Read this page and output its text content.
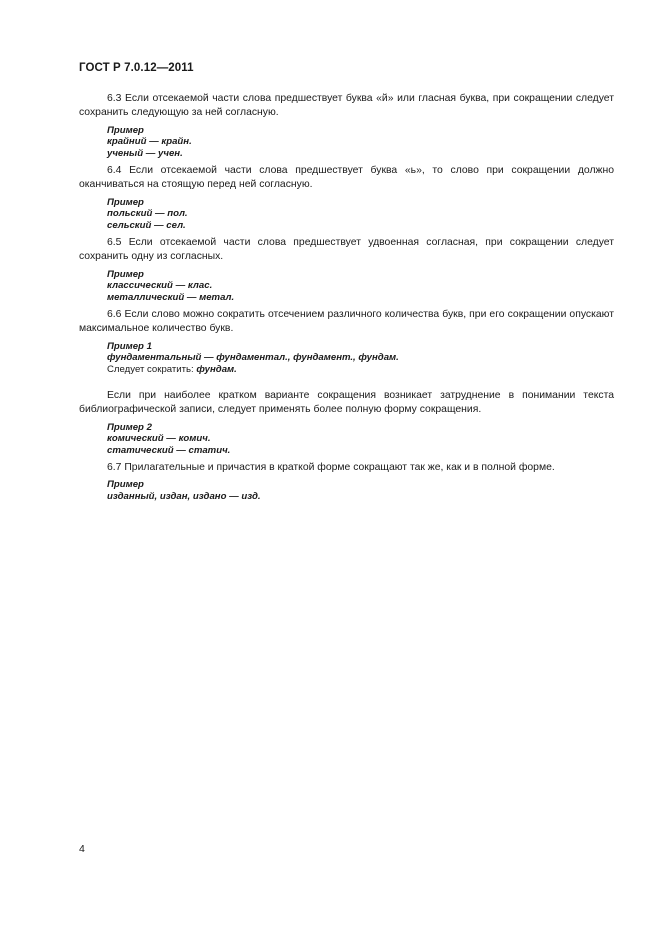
ГОСТ Р 7.0.12—2011

6.3 Если отсекаемой части слова предшествует буква «й» или гласная буква, при сокращении следует сохранить следующую за ней согласную.

Пример
крайний — крайн.
ученый — учен.

6.4 Если отсекаемой части слова предшествует буква «ь», то слово при сокращении должно оканчиваться на стоящую перед ней согласную.

Пример
польский — пол.
сельский — сел.

6.5 Если отсекаемой части слова предшествует удвоенная согласная, при сокращении следует сохранить одну из согласных.

Пример
классический — клас.
металлический — метал.

6.6 Если слово можно сократить отсечением различного количества букв, при его сокращении опускают максимальное количество букв.

Пример 1
фундаментальный — фундаментал., фундамент., фундам.
Следует сократить: фундам.

Если при наиболее кратком варианте сокращения возникает затруднение в понимании текста библиографической записи, следует применять более полную форму сокращения.

Пример 2
комический — комич.
статический — статич.

6.7 Прилагательные и причастия в краткой форме сокращают так же, как и в полной форме.

Пример
изданный, издан, издано — изд.
4
